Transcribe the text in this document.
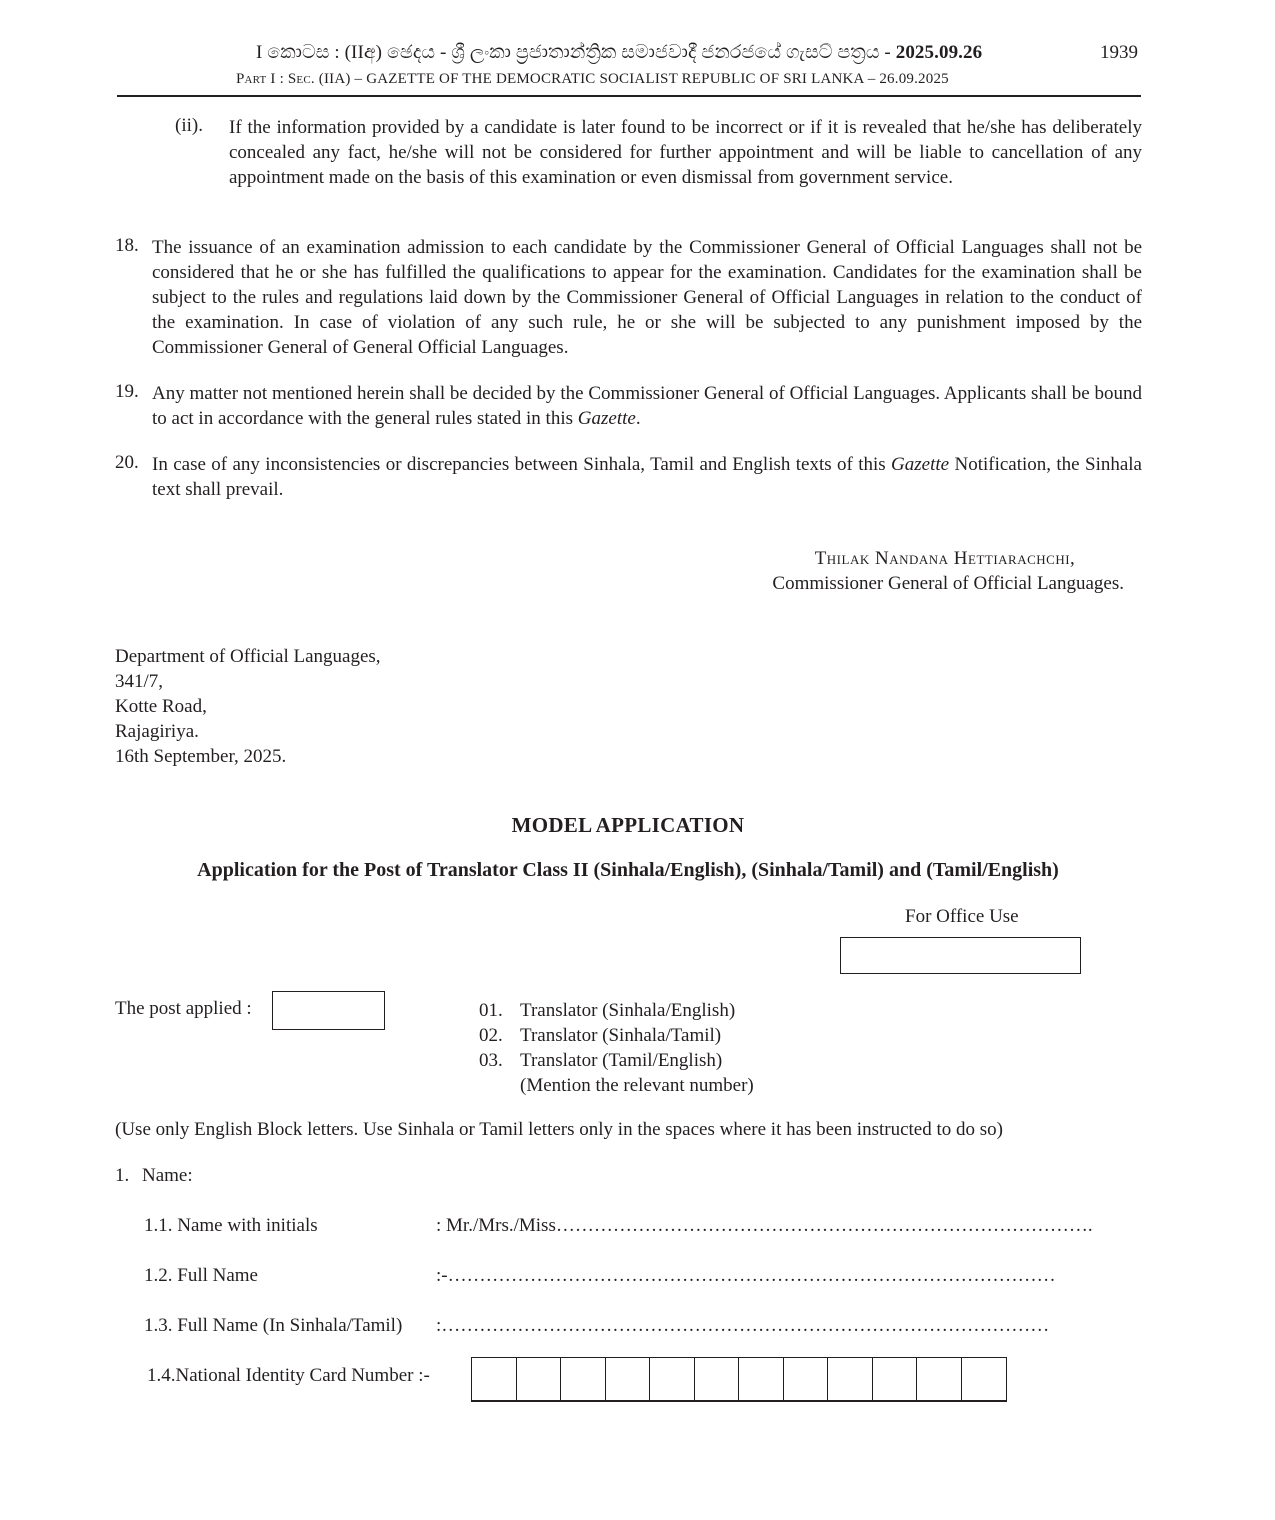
I කොටස : (IIඅ) ඡෙදය - ශ්‍රී ලංකා ප්‍රජාතාන්ත්‍රික සමාජවාදී ජනරජයේ ගැසට් පත්‍රය - 2025.09.26	1939
Part I : Sec. (IIA) – GAZETTE OF THE DEMOCRATIC SOCIALIST REPUBLIC OF SRI LANKA – 26.09.2025
(ii). If the information provided by a candidate is later found to be incorrect or if it is revealed that he/she has deliberately concealed any fact, he/she will not be considered for further appointment and will be liable to cancellation of any appointment made on the basis of this examination or even dismissal from government service.
18. The issuance of an examination admission to each candidate by the Commissioner General of Official Languages shall not be considered that he or she has fulfilled the qualifications to appear for the examination. Candidates for the examination shall be subject to the rules and regulations laid down by the Commissioner General of Official Languages in relation to the conduct of the examination. In case of violation of any such rule, he or she will be subjected to any punishment imposed by the Commissioner General of General Official Languages.
19. Any matter not mentioned herein shall be decided by the Commissioner General of Official Languages. Applicants shall be bound to act in accordance with the general rules stated in this Gazette.
20. In case of any inconsistencies or discrepancies between Sinhala, Tamil and English texts of this Gazette Notification, the Sinhala text shall prevail.
Thilak Nandana Hettiarachchi,
Commissioner General of Official Languages.
Department of Official Languages,
341/7,
Kotte Road,
Rajagiriya.
16th September, 2025.
MODEL APPLICATION
Application for the Post of Translator Class II (Sinhala/English), (Sinhala/Tamil) and (Tamil/English)
For Office Use
The post applied :	01. Translator (Sinhala/English)
02. Translator (Sinhala/Tamil)
03. Translator (Tamil/English)
(Mention the relevant number)
(Use only English Block letters. Use Sinhala or Tamil letters only in the spaces where it has been instructed to do so)
1. Name:
1.1. Name with initials	: Mr./Mrs./Miss………………………………………………………………………….
1.2. Full Name	:-……………………………………………………………………………………
1.3. Full Name (In Sinhala/Tamil)	:……………………………………………………………………………………
1.4.National Identity Card Number :-
